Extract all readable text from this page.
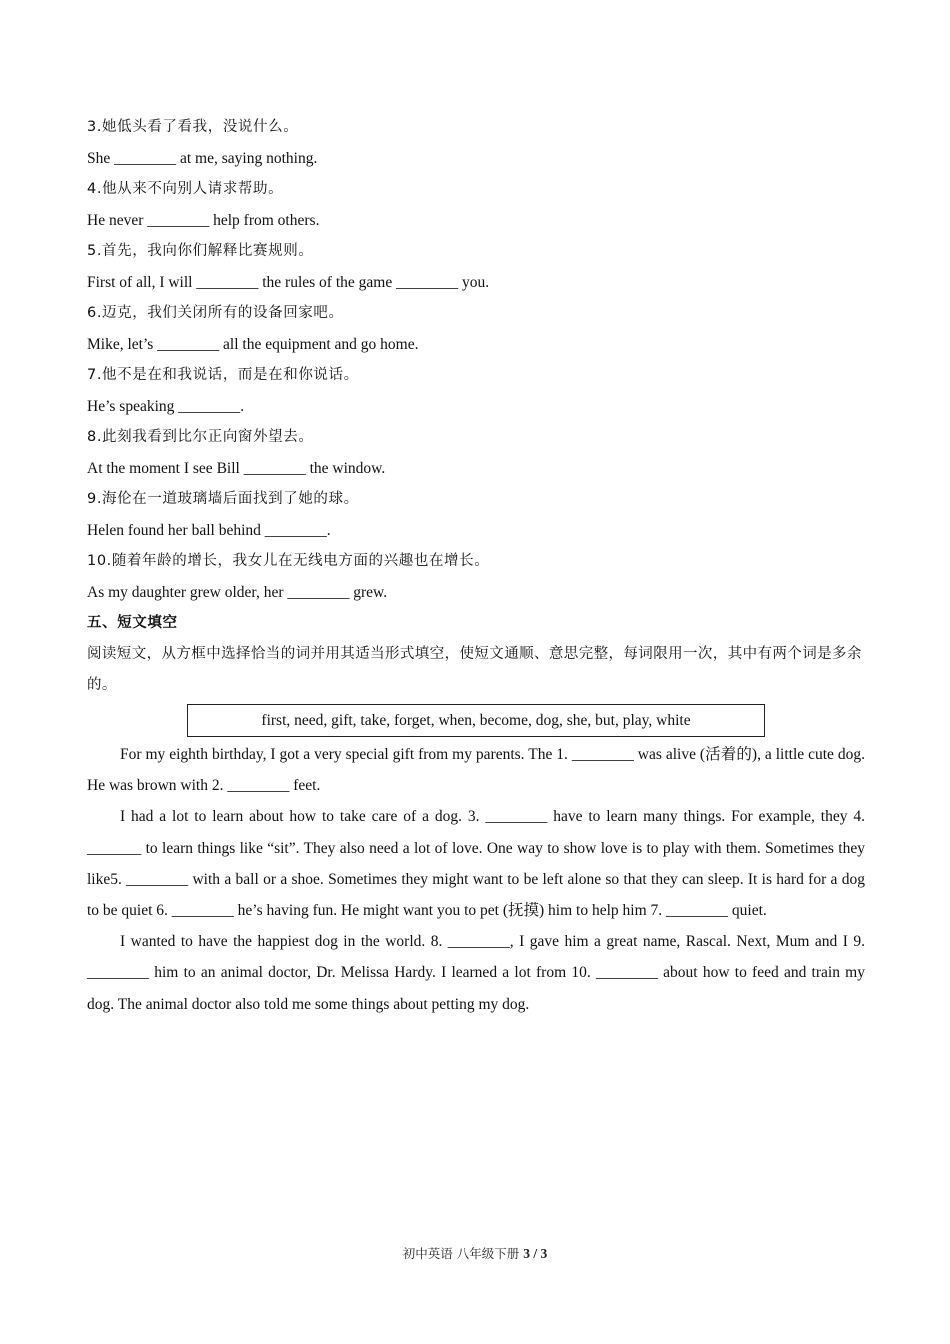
3.她低头看了看我，没说什么。
She ________ at me, saying nothing.
4.他从来不向别人请求帮助。
He never ________ help from others.
5.首先，我向你们解释比赛规则。
First of all, I will ________ the rules of the game ________ you.
6.迈克，我们关闭所有的设备回家吧。
Mike, let’s ________ all the equipment and go home.
7.他不是在和我说话，而是在和你说话。
He’s speaking ________.
8.此刻我看到比尔正向窗外望去。
At the moment I see Bill ________ the window.
9.海伦在一道玻璃墙后面找到了她的球。
Helen found her ball behind ________.
10.随着年龄的增长，我女儿在无线电方面的兴趣也在增长。
As my daughter grew older, her ________ grew.
五、短文填空
阅读短文，从方框中选择恰当的词并用其适当形式填空，使短文通顺、意思完整，每词限用一次，其中有两个词是多余的。
first, need, gift, take, forget, when, become, dog, she, but, play, white
For my eighth birthday, I got a very special gift from my parents. The 1. ________ was alive (活着的), a little cute dog. He was brown with 2. ________ feet.
I had a lot to learn about how to take care of a dog. 3. ________ have to learn many things. For example, they 4. _______ to learn things like “sit”. They also need a lot of love. One way to show love is to play with them. Sometimes they like5. ________ with a ball or a shoe. Sometimes they might want to be left alone so that they can sleep. It is hard for a dog to be quiet 6. ________ he’s having fun. He might want you to pet (抚摸) him to help him 7. ________ quiet.
I wanted to have the happiest dog in the world. 8. ________, I gave him a great name, Rascal. Next, Mum and I 9. ________ him to an animal doctor, Dr. Melissa Hardy. I learned a lot from 10. ________ about how to feed and train my dog. The animal doctor also told me some things about petting my dog.
初中英语 八年级下册 3 / 3
